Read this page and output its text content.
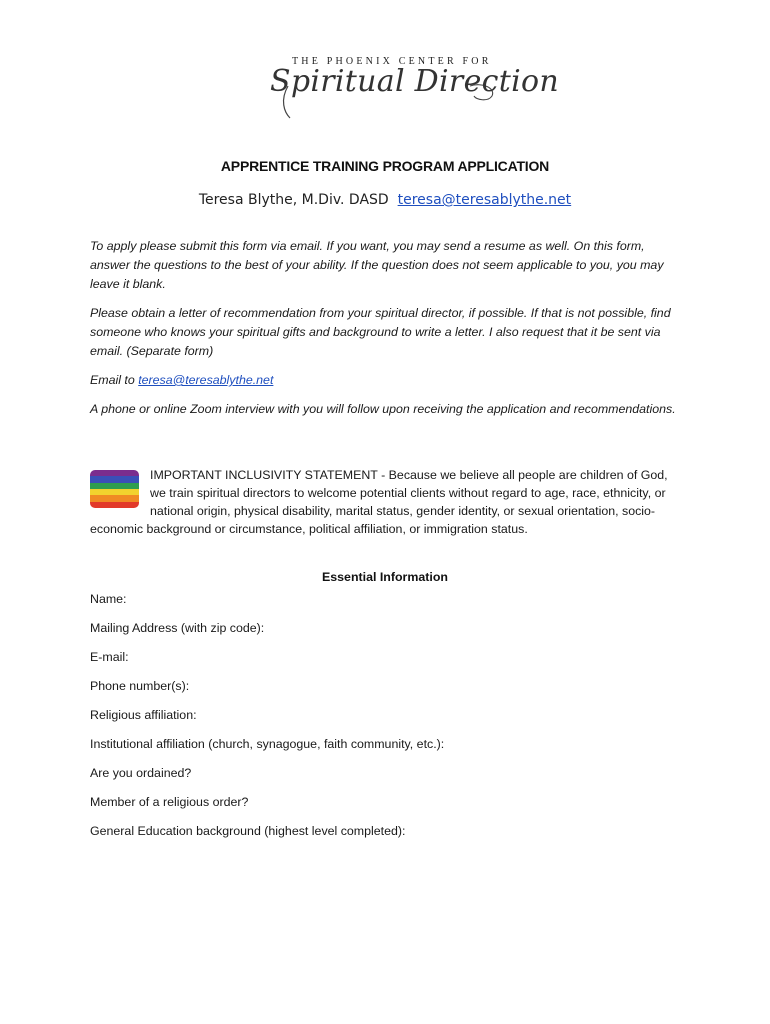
THE PHOENIX CENTER FOR
Spiritual Direction
APPRENTICE TRAINING PROGRAM APPLICATION
Teresa Blythe, M.Div. DASD teresa@teresablythe.net
To apply please submit this form via email. If you want, you may send a resume as well. On this form, answer the questions to the best of your ability. If the question does not seem applicable to you, you may leave it blank.
Please obtain a letter of recommendation from your spiritual director, if possible. If that is not possible, find someone who knows your spiritual gifts and background to write a letter. I also request that it be sent via email. (Separate form)
Email to teresa@teresablythe.net
A phone or online Zoom interview with you will follow upon receiving the application and recommendations.
IMPORTANT INCLUSIVITY STATEMENT - Because we believe all people are children of God, we train spiritual directors to welcome potential clients without regard to age, race, ethnicity, or national origin, physical disability, marital status, gender identity, or sexual orientation, socio-economic background or circumstance, political affiliation, or immigration status.
Essential Information
Name:
Mailing Address (with zip code):
E-mail:
Phone number(s):
Religious affiliation:
Institutional affiliation (church, synagogue, faith community, etc.):
Are you ordained?
Member of a religious order?
General Education background (highest level completed):
